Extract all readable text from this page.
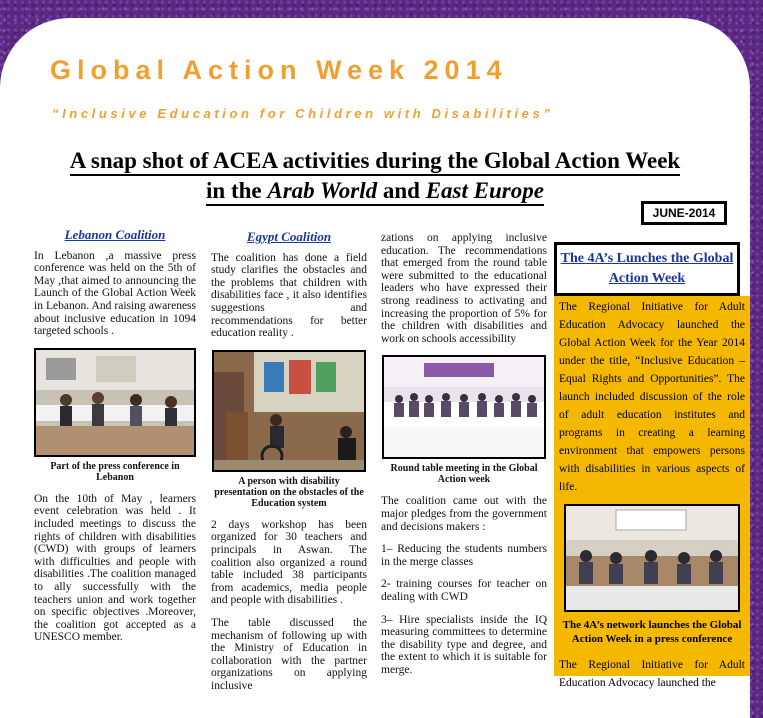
Global Action Week 2014

“Inclusive Education for Children with Disabilities”

A snap shot of ACEA activities during the Global Action Week
in the Arab World and East Europe
JUNE-2014
Lebanon Coalition

In Lebanon ,a massive press conference was held on the 5th of May ,that aimed to announcing the Launch of the Global Action Week in Lebanon. And raising awareness about inclusive education in 1094 targeted schools .

Part of the press conference in Lebanon

On the 10th of May , learners event celebration was held . It included meetings to discuss the rights of children with disabilities (CWD) with groups of learners with difficulties and people with disabilities .The coalition managed to ally successfully with the teachers union and work together on specific objectives .Moreover, the coalition got accepted as a UNESCO member.

Egypt Coalition

The coalition has done a field study clarifies the obstacles and the problems that children with disabilities face , it also identifies suggestions and recommendations for better education reality .

A person with disability presentation on the obstacles of the Education system

2 days workshop has been organized for 30 teachers and principals in Aswan. The coalition also organized a round table included 38 participants from academics, media people and people with disabilities .

The table discussed the mechanism of following up with the Ministry of Education in collaboration with the partner organizations on applying inclusive

zations on applying inclusive education. The recommendations that emerged from the round table were submitted to the educational leaders who have expressed their strong readiness to activating and increasing the proportion of 5% for the children with disabilities and work on schools accessibility

Round table meeting in the Global Action week

The coalition came out with the major pledges from the government and decisions makers :

1– Reducing the students numbers in the merge classes

2- training courses for teacher on dealing with CWD

3– Hire specialists inside the IQ measuring committees to determine the disability type and degree, and the extent to which it is suitable for merge.

The 4A’s Lunches the Global Action Week
The Regional Initiative for Adult Education Advocacy launched the Global Action Week for the Year 2014 under the title, “Inclusive Education – Equal Rights and Opportunities”. The launch included discussion of the role of adult education institutes and programs in creating a learning environment that empowers persons with disabilities in various aspects of life.
The 4A’s network launches the Global Action Week in a press conference
The Regional Initiative for Adult Education Advocacy launched the
